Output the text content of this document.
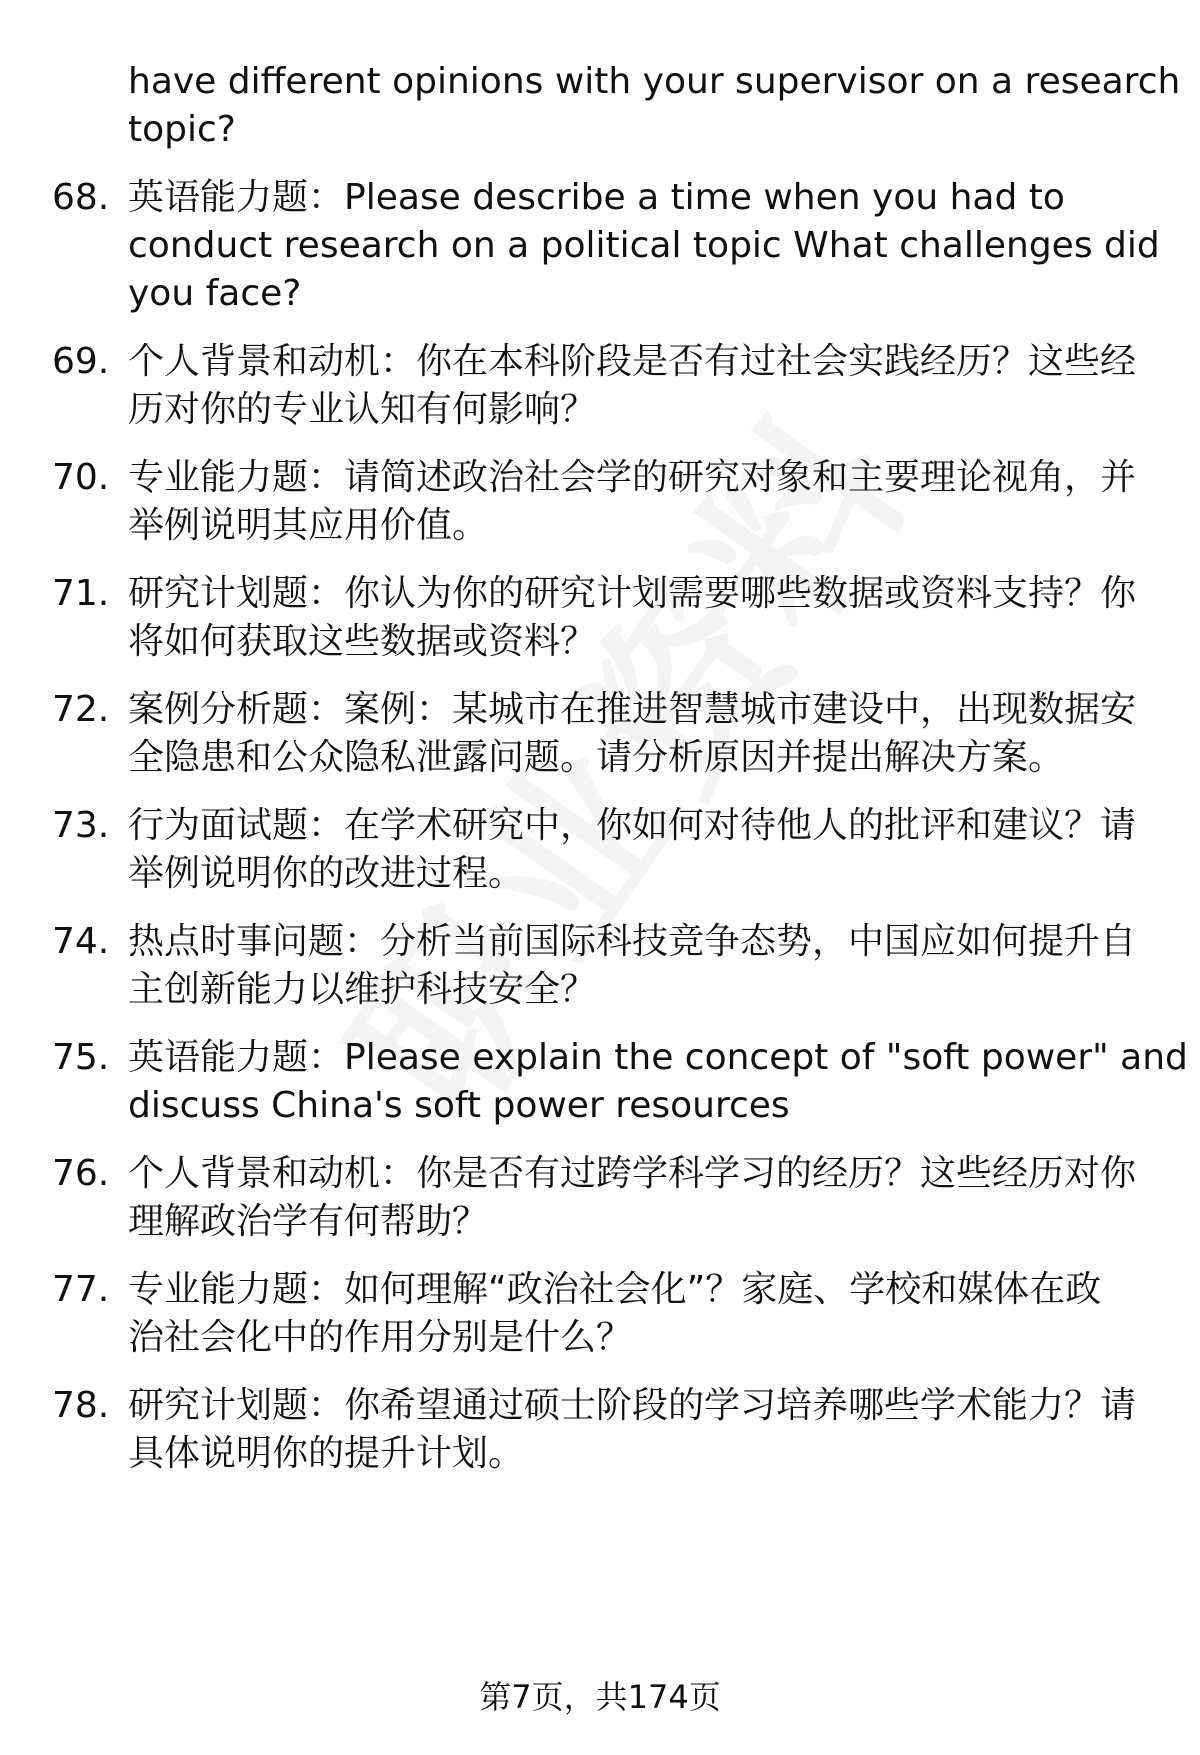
have different opinions with your supervisor on a research
topic?
68. 英语能力题：Please describe a time when you had to
conduct research on a political topic What challenges did
you face?
69. 个人背景和动机：你在本科阶段是否有过社会实践经历？这些经
历对你的专业认知有何影响？
70. 专业能力题：请简述政治社会学的研究对象和主要理论视角，并
举例说明其应用价值。
71. 研究计划题：你认为你的研究计划需要哪些数据或资料支持？你
将如何获取这些数据或资料？
72. 案例分析题：案例：某城市在推进智慧城市建设中，出现数据安
全隐患和公众隐私泄露问题。请分析原因并提出解决方案。
73. 行为面试题：在学术研究中，你如何对待他人的批评和建议？请
举例说明你的改进过程。
74. 热点时事问题：分析当前国际科技竞争态势，中国应如何提升自
主创新能力以维护科技安全？
75. 英语能力题：Please explain the concept of "soft power" and
discuss China's soft power resources
76. 个人背景和动机：你是否有过跨学科学习的经历？这些经历对你
理解政治学有何帮助？
77. 专业能力题：如何理解“政治社会化”？家庭、学校和媒体在政
治社会化中的作用分别是什么？
78. 研究计划题：你希望通过硕士阶段的学习培养哪些学术能力？请
具体说明你的提升计划。
第7页，共174页
